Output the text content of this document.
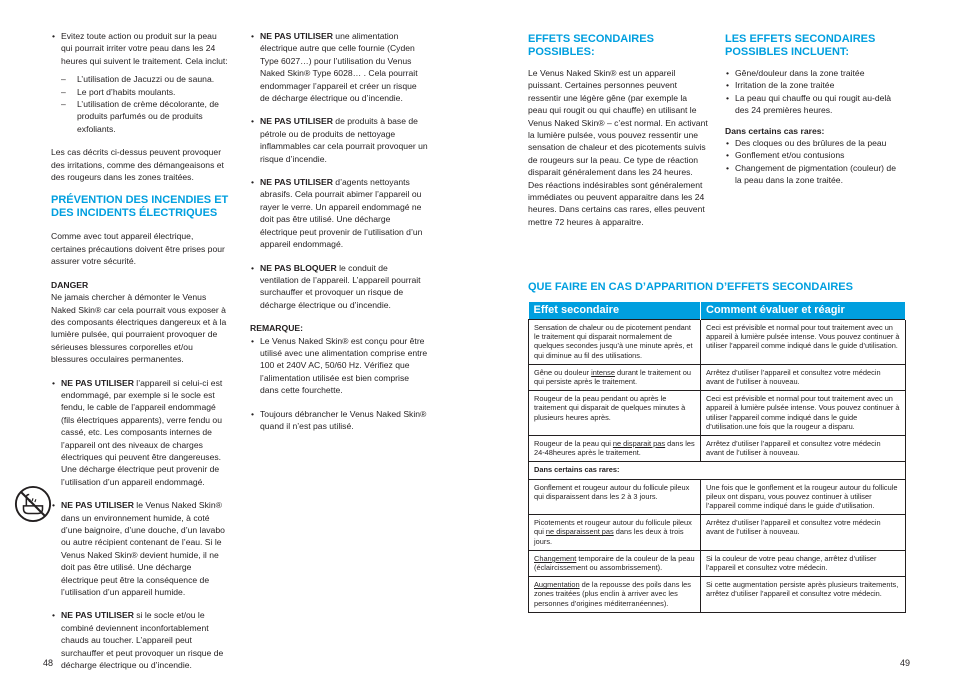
• Evitez toute action ou produit sur la peau qui pourrait irriter votre peau dans les 24 heures qui suivent le traitement. Cela inclut:

– L’utilisation de Jacuzzi ou de sauna.
– Le port d’habits moulants.
– L’utilisation de crème décolorante, de produits parfumés ou de produits exfoliants.

Les cas décrits ci-dessus peuvent provoquer des irritations, comme des démangeaisons et des rougeurs dans les zones traitées.

PRÉVENTION DES INCENDIES ET DES INCIDENTS ÉLECTRIQUES

Comme avec tout appareil électrique, certaines précautions doivent être prises pour assurer votre sécurité.

DANGER

Ne jamais chercher à démonter le Venus Naked Skin® car cela pourrait vous exposer à des composants électriques dangereux et à la lumière pulsée, qui pourraient provoquer de sérieuses blessures corporelles et/ou blessures occulaires permanentes.

• NE PAS UTILISER l’appareil si celui-ci est endommagé, par exemple si le socle est fendu, le cable de l’appareil endommagé (fils électriques apparents), verre fendu ou cassé, etc. Les composants internes de l’appareil ont des niveaux de charges électriques qui peuvent être dangereuses. Une décharge électrique peut provenir de l’utilisation d’un appareil endommagé.

• NE PAS UTILISER le Venus Naked Skin® dans un environnement humide, à coté d’une baignoire, d’une douche, d’un lavabo ou autre récipient contenant de l’eau. Si le Venus Naked Skin® devient humide, il ne doit pas être utilisé. Une décharge électrique peut être la conséquence de l’utilisation d’un appareil humide.

• NE PAS UTILISER si le socle et/ou le combiné deviennent inconfortablement chauds au toucher. L’appareil peut surchauffer et peut provoquer un risque de décharge électrique ou d’incendie.

• NE PAS UTILISER une alimentation électrique autre que celle fournie (Cyden Type 6027…) pour l’utilisation du Venus Naked Skin® Type 6028… . Cela pourrait endommager l’appareil et créer un risque de décharge électrique ou d’incendie.

• NE PAS UTILISER de produits à base de pétrole ou de produits de nettoyage inflammables car cela pourrait provoquer un risque d’incendie.

• NE PAS UTILISER d’agents nettoyants abrasifs. Cela pourrait abimer l’appareil ou rayer le verre. Un appareil endommagé ne doit pas être utilisé. Une décharge électrique peut provenir de l’utilisation d’un appareil endommagé.

• NE PAS BLOQUER le conduit de ventilation de l’appareil. L’appareil pourrait surchauffer et provoquer un risque de décharge électrique ou d’incendie.

REMARQUE:

• Le Venus Naked Skin® est conçu pour être utilisé avec une alimentation comprise entre 100 et 240V AC, 50/60 Hz. Vérifiez que l’alimentation utilisée est bien comprise dans cette fourchette.

• Toujours débrancher le Venus Naked Skin® quand il n’est pas utilisé.

48
EFFETS SECONDAIRES POSSIBLES:

Le Venus Naked Skin® est un appareil puissant. Certaines personnes peuvent ressentir une légère gêne (par exemple la peau qui rougit ou qui chauffe) en utilisant le Venus Naked Skin® – c’est normal. En activant la lumière pulsée, vous pouvez ressentir une sensation de chaleur et des picotements suivis de rougeurs sur la peau. Ce type de réaction disparait généralement dans les 24 heures. Des réactions indésirables sont généralement immédiates ou peuvent apparaitre dans les 24 heures. Dans certains cas rares, elles peuvent mettre 72 heures à apparaitre.

LES EFFETS SECONDAIRES POSSIBLES INCLUENT:
• Gêne/douleur dans la zone traitée
• Irritation de la zone traitée
• La peau qui chauffe ou qui rougit au-delà des 24 premières heures.
Dans certains cas rares:
• Des cloques ou des brûlures de la peau
• Gonflement et/ou contusions
• Changement de pigmentation (couleur) de la peau dans la zone traitée.
QUE FAIRE EN CAS D’APPARITION D’EFFETS SECONDAIRES
Effet secondaire	Comment évaluer et réagir
Sensation de chaleur ou de picotement pendant le traitement qui disparait normalement de quelques secondes jusqu’à une minute après, et qui diminue au fil des utilisations.	Ceci est prévisible et normal pour tout traitement avec un appareil à lumière pulsée intense. Vous pouvez continuer à utiliser l’appareil comme indiqué dans le guide d’utilisation.
Gêne ou douleur intense durant le traitement ou qui persiste après le traitement.	Arrêtez d’utiliser l’appareil et consultez votre médecin avant de l’utiliser à nouveau.
Rougeur de la peau pendant ou après le traitement qui disparait de quelques minutes à plusieurs heures après.	Ceci est prévisible et normal pour tout traitement avec un appareil à lumière pulsée intense. Vous pouvez continuer à utiliser l’appareil comme indiqué dans le guide d’utilisation.une fois que la rougeur a disparu.
Rougeur de la peau qui ne disparait pas dans les 24-48heures après le traitement.	Arrêtez d’utiliser l’appareil et consultez votre médecin avant de l’utiliser à nouveau.
Dans certains cas rares:	
Gonflement et rougeur autour du follicule pileux qui disparaissent dans les 2 à 3 jours.	Une fois que le gonflement et la rougeur autour du follicule pileux ont disparu, vous pouvez continuer à utiliser l’appareil comme indiqué dans le guide d’utilisation.
Picotements et rougeur autour du follicule pileux qui ne disparaissent pas dans les deux à trois jours.	Arrêtez d’utiliser l’appareil et consultez votre médecin avant de l’utiliser à nouveau.
Changement temporaire de la couleur de la peau (éclaircissement ou assombrissement).	Si la couleur de votre peau change, arrêtez d’utiliser l’appareil et consultez votre médecin.
Augmentation de la repousse des poils dans les zones traitées (plus enclin à arriver avec les personnes d’origines méditerranéennes).	Si cette augmentation persiste après plusieurs traitements, arrêtez d’utiliser l’appareil et consultez votre médecin.
49
